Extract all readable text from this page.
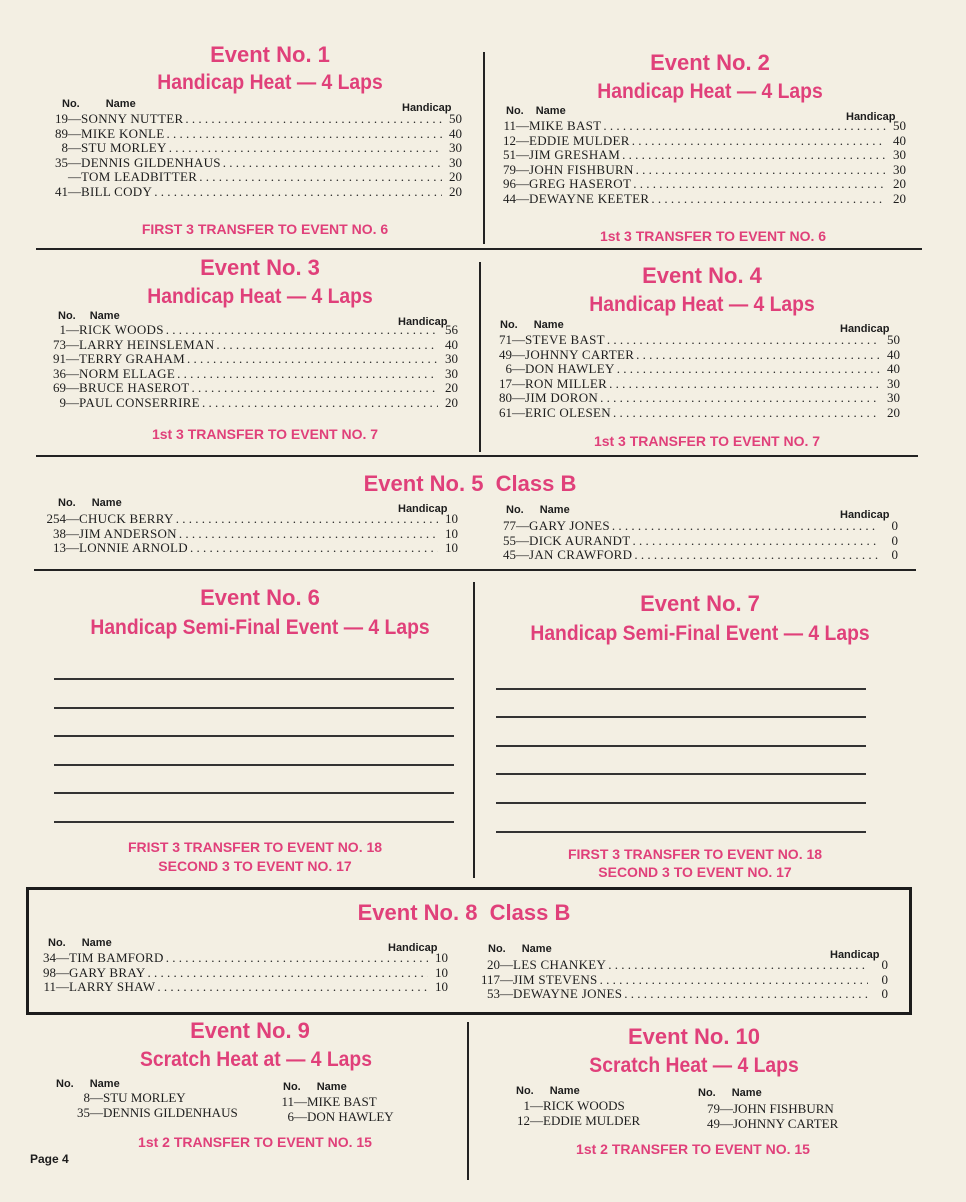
Event No. 1
Handicap Heat — 4 Laps
No. Name	Handicap
19 — SONNY NUTTER . . .	50
89 — MIKE KONLE . . .	40
8 — STU MORLEY . . .	30
35 — DENNIS GILDENHAUS . . .	30
— TOM LEADBITTER . . .	20
41 — BILL CODY . . .	20
FIRST 3 TRANSFER TO EVENT NO. 6
Event No. 2
Handicap Heat — 4 Laps
No. Name	Handicap
11 — MIKE BAST . . .	50
12 — EDDIE MULDER . . .	40
51 — JIM GRESHAM . . .	30
79 — JOHN FISHBURN . . .	30
96 — GREG HASEROT . . .	20
44 — DEWAYNE KEETER . . .	20
1st 3 TRANSFER TO EVENT NO. 6
Event No. 3
Handicap Heat — 4 Laps
No. Name	Handicap
1 — RICK WOODS . . .	56
73 — LARRY HEINSLEMAN . . .	40
91 — TERRY GRAHAM . . .	30
36 — NORM ELLAGE . . .	30
69 — BRUCE HASEROT . . .	20
9 — PAUL CONSERRIRE . . .	20
1st 3 TRANSFER TO EVENT NO. 7
Event No. 4
Handicap Heat — 4 Laps
No. Name	Handicap
71 — STEVE BAST . . .	50
49 — JOHNNY CARTER . . .	40
6 — DON HAWLEY . . .	40
17 — RON MILLER . . .	30
80 — JIM DORON . . .	30
61 — ERIC OLESEN . . .	20
1st 3 TRANSFER TO EVENT NO. 7
Event No. 5  Class B
No. Name	Handicap
254 — CHUCK BERRY . . .	10
38 — JIM ANDERSON . . .	10
13 — LONNIE ARNOLD . . .	10
No. Name	Handicap
77 — GARY JONES . . .	0
55 — DICK AURANDT . . .	0
45 — JAN CRAWFORD . . .	0
Event No. 6
Handicap Semi-Final Event — 4 Laps
FRIST 3 TRANSFER TO EVENT NO. 18
SECOND 3 TO EVENT NO. 17
Event No. 7
Handicap Semi-Final Event — 4 Laps
FIRST 3 TRANSFER TO EVENT NO. 18
SECOND 3 TO EVENT NO. 17
Event No. 8  Class B
No. Name	Handicap
34 — TIM BAMFORD . . .	10
98 — GARY BRAY . . .	10
11 — LARRY SHAW . . .	10
No. Name	Handicap
20 — LES CHANKEY . . .	0
117 — JIM STEVENS . . .	0
53 — DEWAYNE JONES . . .	0
Event No. 9
Scratch Heat at — 4 Laps
No. Name
8—STU MORLEY
35—DENNIS GILDENHAUS
No. Name
11—MIKE BAST
6—DON HAWLEY
1st 2 TRANSFER TO EVENT NO. 15
Event No. 10
Scratch Heat — 4 Laps
No. Name
1—RICK WOODS
12—EDDIE MULDER
No. Name
79—JOHN FISHBURN
49—JOHNNY CARTER
1st 2 TRANSFER TO EVENT NO. 15
Page 4
